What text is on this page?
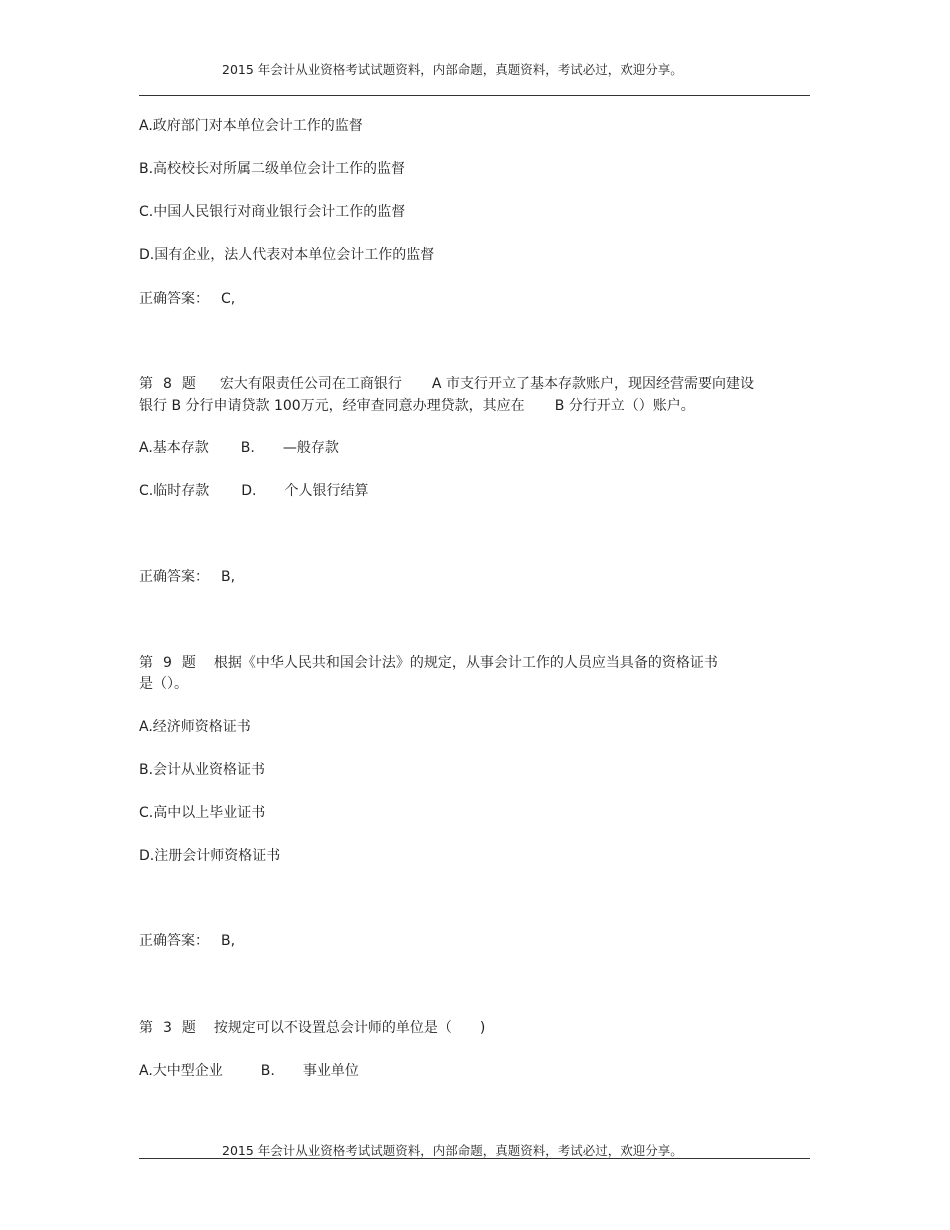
2015 年会计从业资格考试试题资料，内部命题，真题资料，考试必过，欢迎分享。
A.政府部门对本单位会计工作的监督
B.高校校长对所属二级单位会计工作的监督
C.中国人民银行对商业银行会计工作的监督
D.国有企业，法人代表对本单位会计工作的监督
正确答案： C,
第 8 题 宏大有限责任公司在工商银行 A 市支行开立了基本存款账户，现因经营需要向建设
银行 B 分行申请贷款 100万元，经审查同意办理贷款，其应在 B 分行开立（）账户。
A.基本存款 B. —般存款
C.临时存款 D. 个人银行结算
正确答案： B,
第 9 题 根据《中华人民共和国会计法》的规定，从事会计工作的人员应当具备的资格证书
是（）。
A.经济师资格证书
B.会计从业资格证书
C.高中以上毕业证书
D.注册会计师资格证书
正确答案： B,
第 3 题 按规定可以不设置总会计师的单位是（ )
A.大中型企业	B. 事业单位
2015 年会计从业资格考试试题资料，内部命题，真题资料，考试必过，欢迎分享。
